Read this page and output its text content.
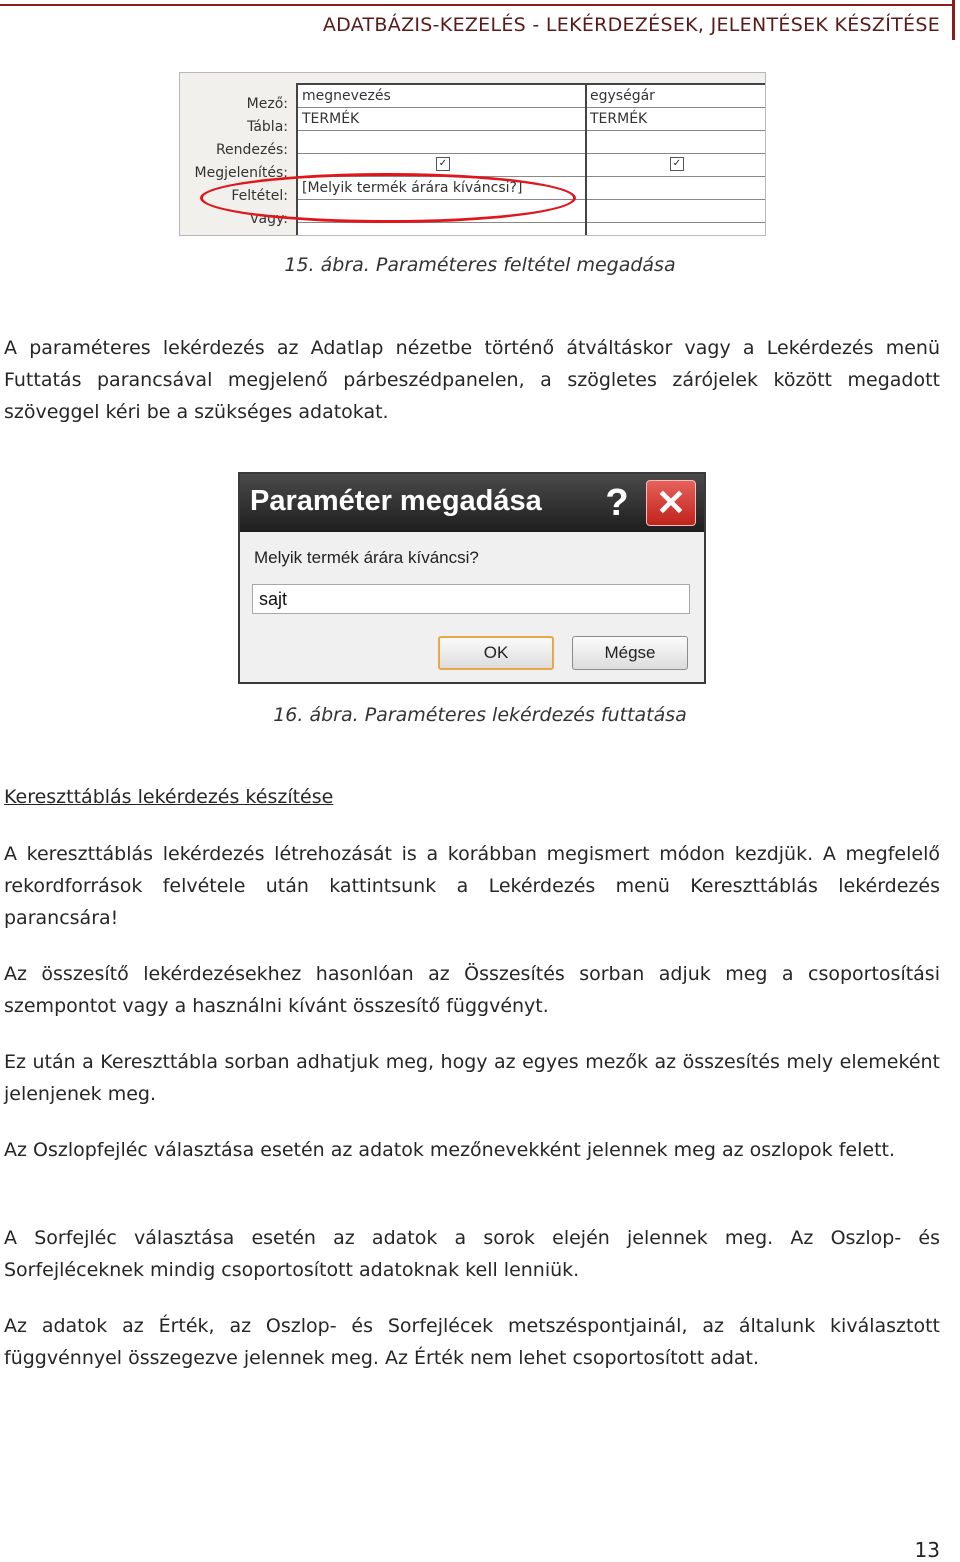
ADATBÁZIS-KEZELÉS - LEKÉRDEZÉSEK, JELENTÉSEK KÉSZÍTÉSE
Mező:
Tábla:
Rendezés:
Megjelenítés:
Feltétel:
vagy:
megnevezés
TERMÉK
✓
[Melyik termék árára kíváncsi?]
egységár
TERMÉK
✓
15. ábra. Paraméteres feltétel megadása

A paraméteres lekérdezés az Adatlap nézetbe történő átváltáskor vagy a Lekérdezés menü Futtatás parancsával megjelenő párbeszédpanelen, a szögletes zárójelek között megadott szöveggel kéri be a szükséges adatokat.

Paraméter megadása ? ✕
Melyik termék árára kíváncsi?
sajt
OK	Mégse
16. ábra. Paraméteres lekérdezés futtatása
Kereszttáblás lekérdezés készítése

A kereszttáblás lekérdezés létrehozását is a korábban megismert módon kezdjük. A megfelelő rekordforrások felvétele után kattintsunk a Lekérdezés menü Kereszttáblás lekérdezés parancsára!

Az összesítő lekérdezésekhez hasonlóan az Összesítés sorban adjuk meg a csoportosítási szempontot vagy a használni kívánt összesítő függvényt.

Ez után a Kereszttábla sorban adhatjuk meg, hogy az egyes mezők az összesítés mely elemeként jelenjenek meg.

Az Oszlopfejléc választása esetén az adatok mezőnevekként jelennek meg az oszlopok felett.

A Sorfejléc választása esetén az adatok a sorok elején jelennek meg. Az Oszlop- és Sorfejléceknek mindig csoportosított adatoknak kell lenniük.

Az adatok az Érték, az Oszlop- és Sorfejlécek metszéspontjainál, az általunk kiválasztott függvénnyel összegezve jelennek meg. Az Érték nem lehet csoportosított adat.

13
